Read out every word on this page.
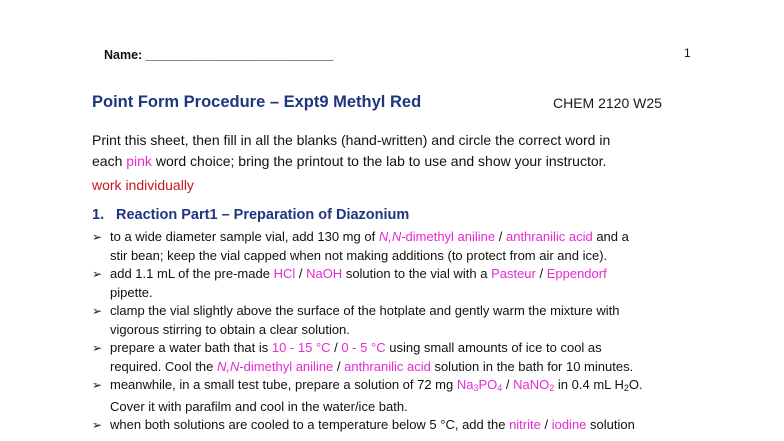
Name: ___________________________	1
Point Form Procedure – Expt9 Methyl Red	CHEM 2120 W25
Print this sheet, then fill in all the blanks (hand-written) and circle the correct word in
each pink word choice; bring the printout to the lab to use and show your instructor.
work individually
1. Reaction Part1 – Preparation of Diazonium
➢ to a wide diameter sample vial, add 130 mg of N,N-dimethyl aniline / anthranilic acid and a
stir bean; keep the vial capped when not making additions (to protect from air and ice).
➢ add 1.1 mL of the pre-made HCl / NaOH solution to the vial with a Pasteur / Eppendorf
pipette.
➢ clamp the vial slightly above the surface of the hotplate and gently warm the mixture with
vigorous stirring to obtain a clear solution.
➢ prepare a water bath that is 10 - 15 °C / 0 - 5 °C using small amounts of ice to cool as
required. Cool the N,N-dimethyl aniline / anthranilic acid solution in the bath for 10 minutes.
➢ meanwhile, in a small test tube, prepare a solution of 72 mg $Na_3PO_4$ / NaNO$_2$ in 0.4 mL $H_2O$.
Cover it with parafilm and cool in the water/ice bath.
➢ when both solutions are cooled to a temperature below 5 °C, add the nitrite / iodine solution
